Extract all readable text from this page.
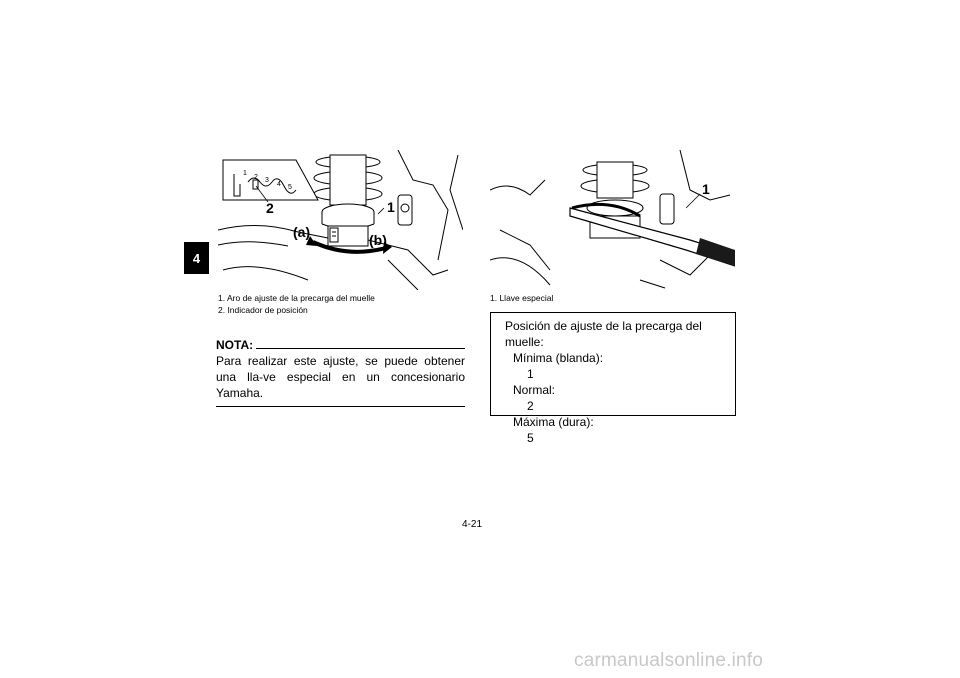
4
1
2 3
4 5
2	1
(a)	(b)
1. Aro de ajuste de la precarga del muelle
2. Indicador de posición
1
1. Llave especial
NOTA:
Para realizar este ajuste, se puede obtener una lla-ve especial en un concesionario Yamaha.
Posición de ajuste de la precarga del muelle:
Mínima (blanda):
1
Normal:
2
Máxima (dura):
5
4-21
carmanualsonline.info
